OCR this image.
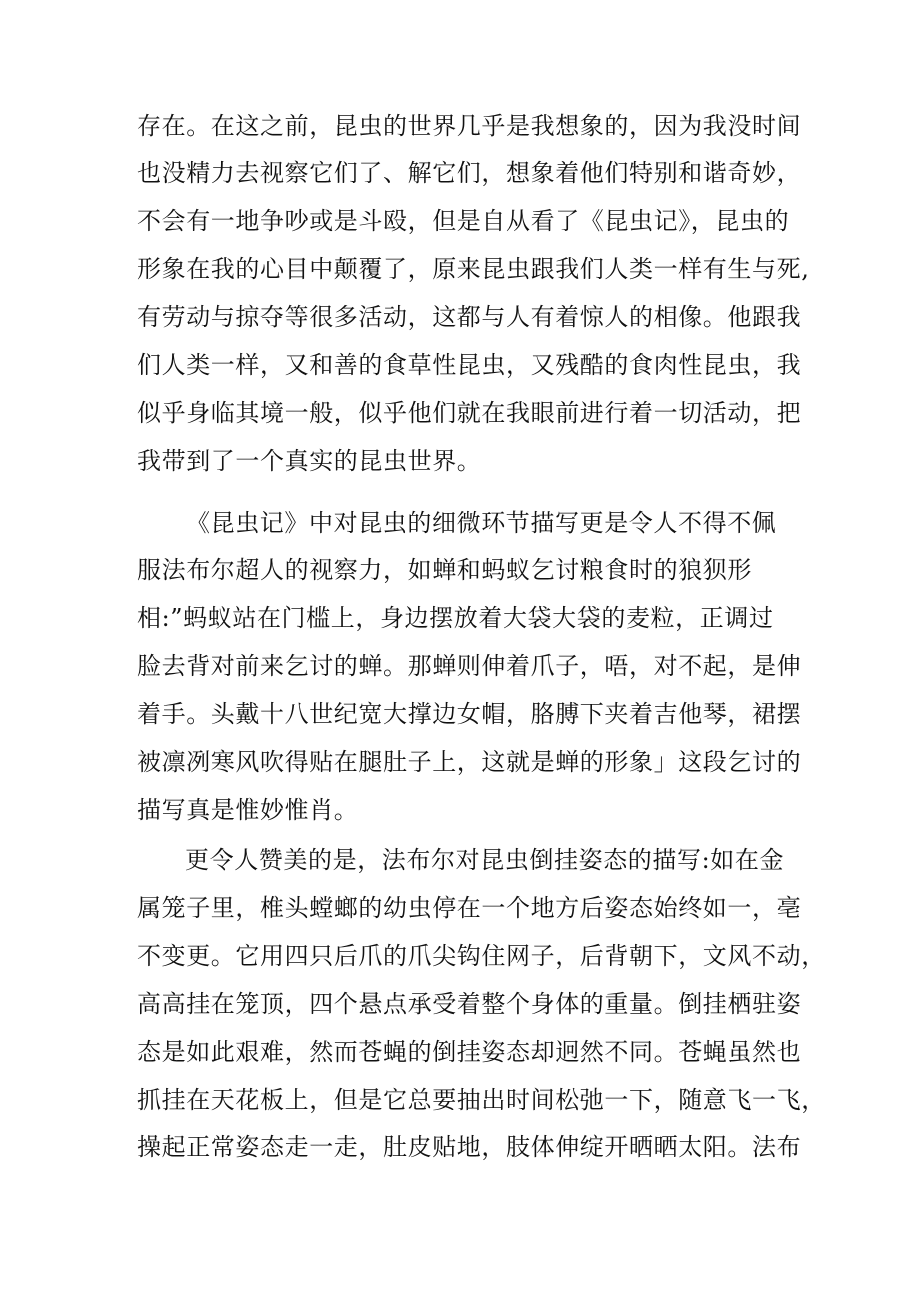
存在。在这之前，昆虫的世界几乎是我想象的，因为我没时间
也没精力去视察它们了、解它们，想象着他们特别和谐奇妙，
不会有一地争吵或是斗殴，但是自从看了《昆虫记》，昆虫的
形象在我的心目中颠覆了，原来昆虫跟我们人类一样有生与死,
有劳动与掠夺等很多活动，这都与人有着惊人的相像。他跟我
们人类一样，又和善的食草性昆虫，又残酷的食肉性昆虫，我
似乎身临其境一般，似乎他们就在我眼前进行着一切活动，把
我带到了一个真实的昆虫世界。
《昆虫记》中对昆虫的细微环节描写更是令人不得不佩
服法布尔超人的视察力，如蝉和蚂蚁乞讨粮食时的狼狈形
相:”蚂蚁站在门槛上，身边摆放着大袋大袋的麦粒，正调过
脸去背对前来乞讨的蝉。那蝉则伸着爪子，唔，对不起，是伸
着手。头戴十八世纪宽大撑边女帽，胳膊下夹着吉他琴，裙摆
被凛冽寒风吹得贴在腿肚子上，这就是蝉的形象」这段乞讨的
描写真是惟妙惟肖。
更令人赞美的是，法布尔对昆虫倒挂姿态的描写:如在金
属笼子里，椎头螳螂的幼虫停在一个地方后姿态始终如一，亳
不变更。它用四只后爪的爪尖钩住网子，后背朝下，文风不动，
高高挂在笼顶，四个悬点承受着整个身体的重量。倒挂栖驻姿
态是如此艰难，然而苍蝇的倒挂姿态却迥然不同。苍蝇虽然也
抓挂在天花板上，但是它总要抽出时间松弛一下，随意飞一飞，
操起正常姿态走一走，肚皮贴地，肢体伸绽开晒晒太阳。法布
